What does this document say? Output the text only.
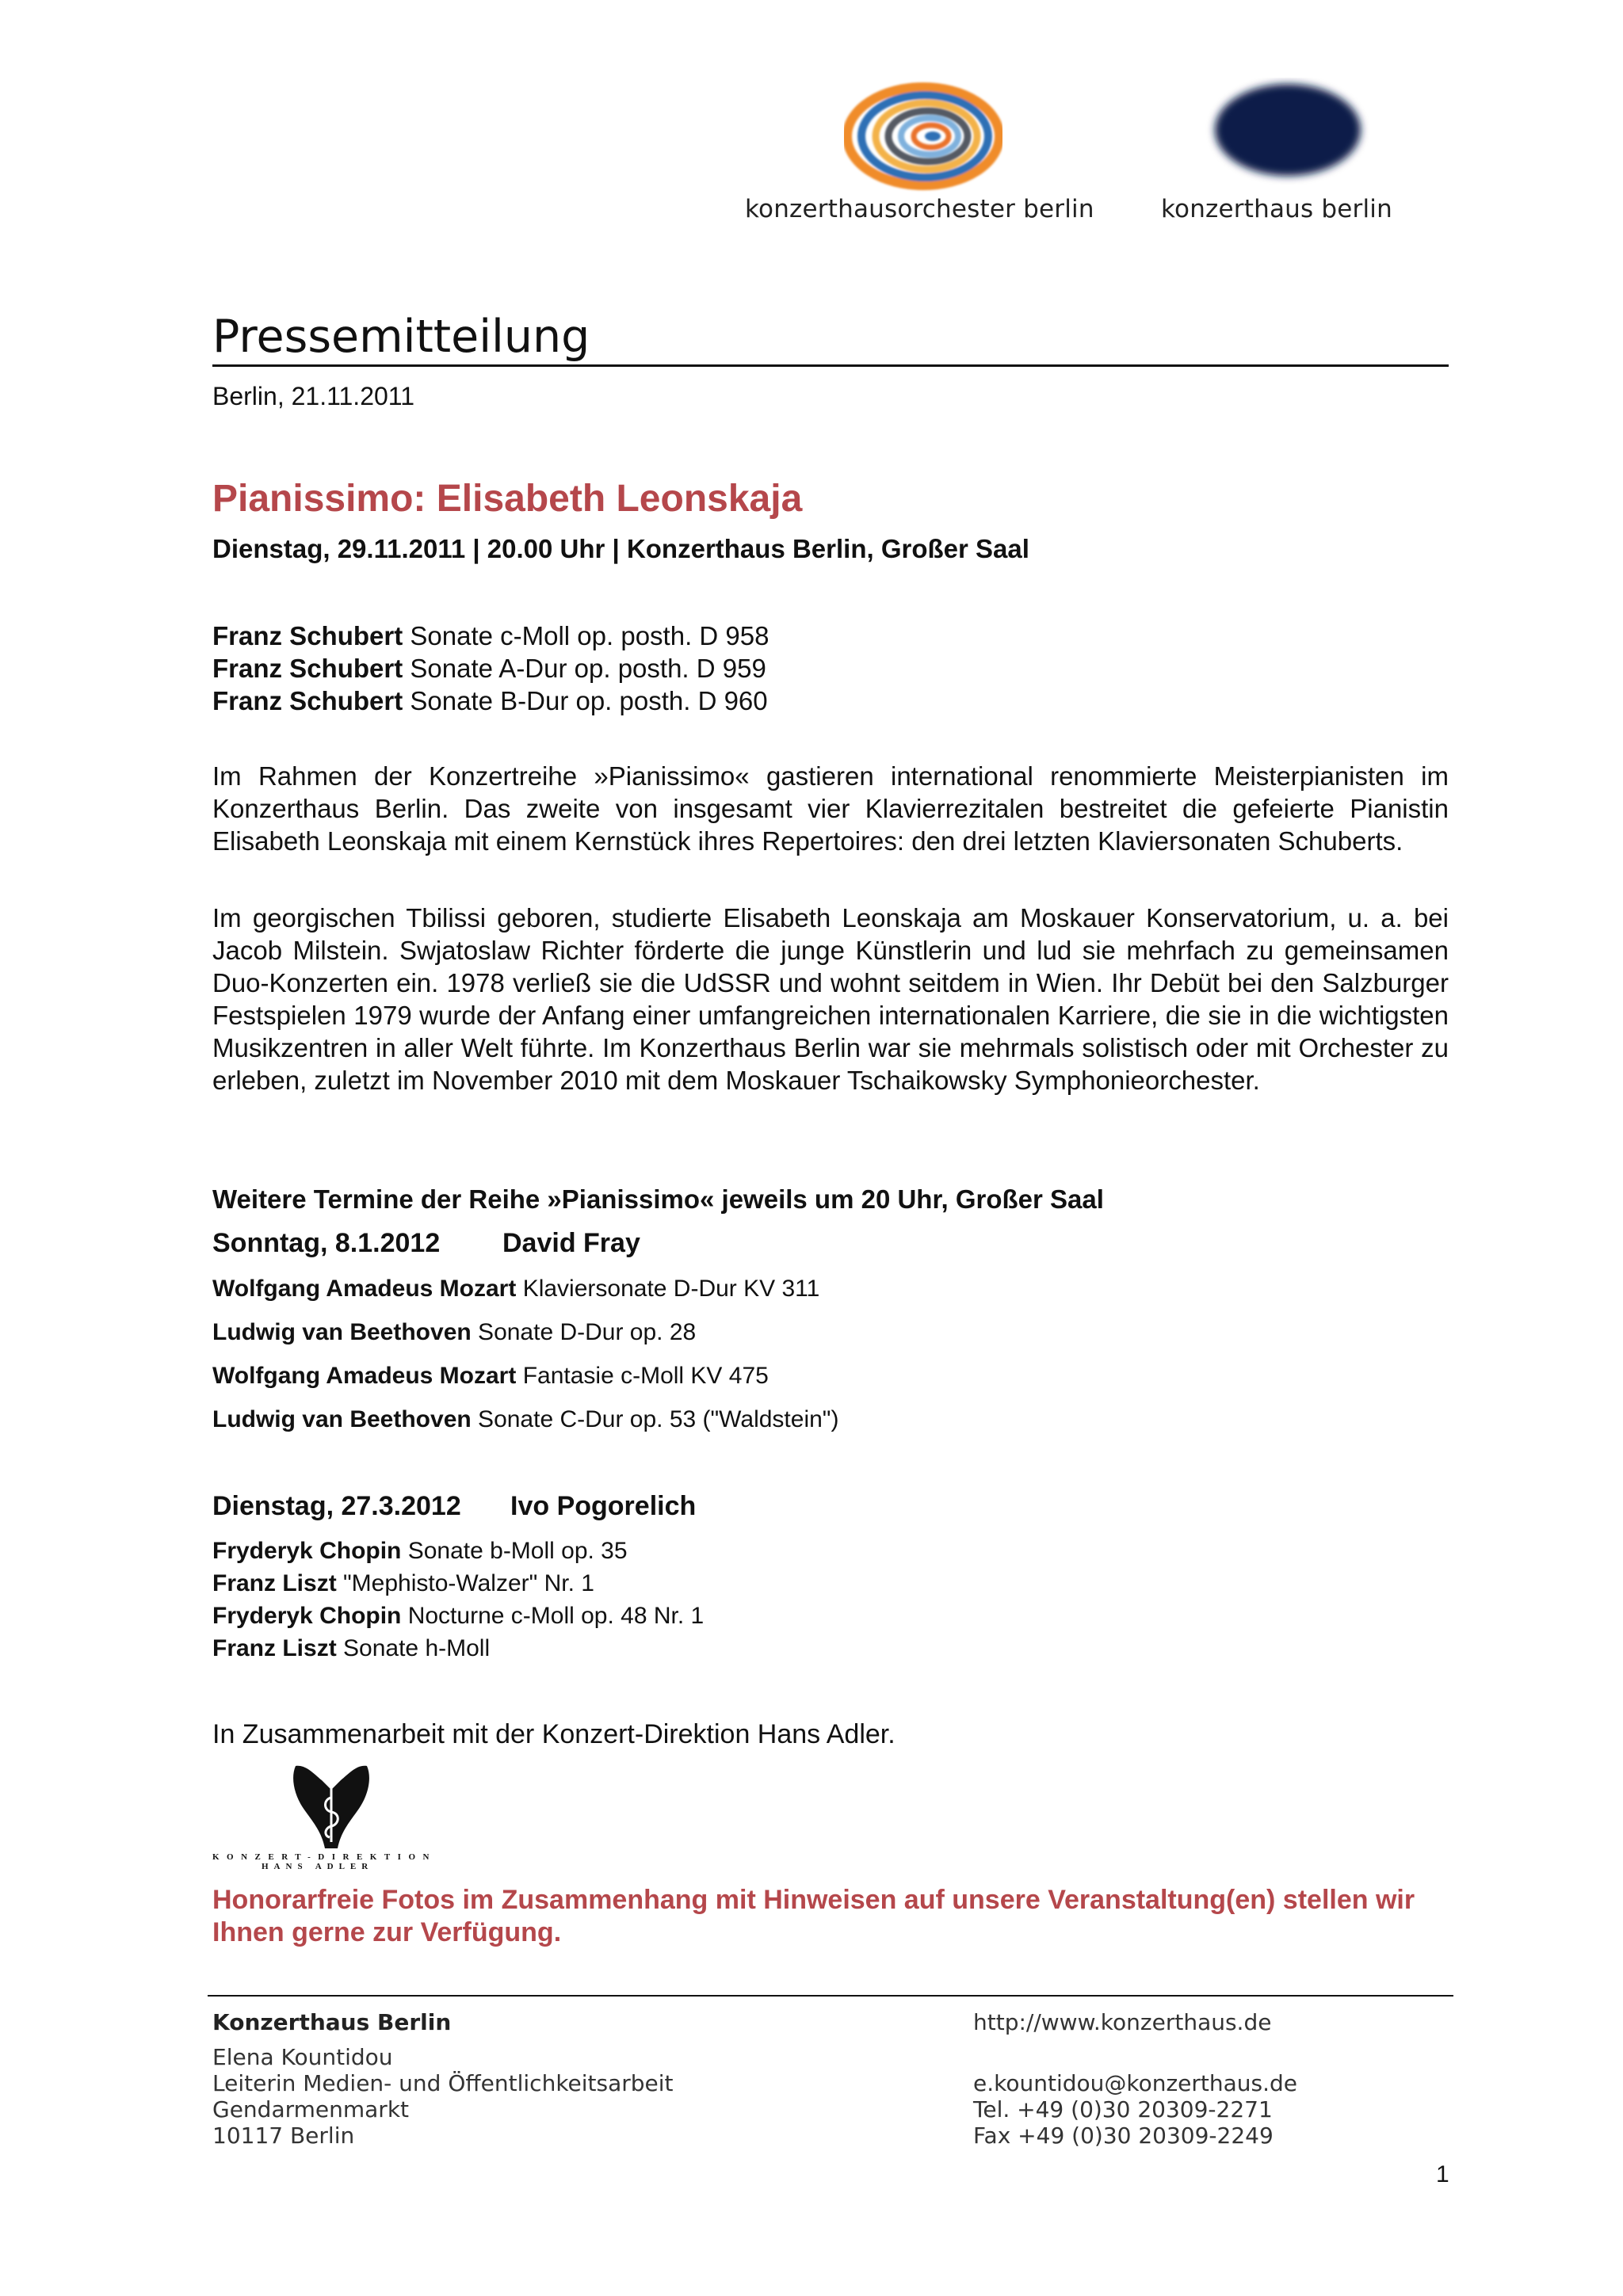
konzerthausorchester berlin	konzerthaus berlin
Pressemitteilung
Berlin, 21.11.2011
Pianissimo: Elisabeth Leonskaja
Dienstag, 29.11.2011 | 20.00 Uhr | Konzerthaus Berlin, Großer Saal
Franz Schubert Sonate c-Moll op. posth. D 958
Franz Schubert Sonate A-Dur op. posth. D 959
Franz Schubert Sonate B-Dur op. posth. D 960
Im Rahmen der Konzertreihe »Pianissimo« gastieren international renommierte Meisterpianisten im Konzerthaus Berlin. Das zweite von insgesamt vier Klavierrezitalen bestreitet die gefeierte Pianistin Elisabeth Leonskaja mit einem Kernstück ihres Repertoires: den drei letzten Klaviersonaten Schuberts.
Im georgischen Tbilissi geboren, studierte Elisabeth Leonskaja am Moskauer Konservatorium, u. a. bei Jacob Milstein. Swjatoslaw Richter förderte die junge Künstlerin und lud sie mehrfach zu gemeinsamen Duo-Konzerten ein. 1978 verließ sie die UdSSR und wohnt seitdem in Wien. Ihr Debüt bei den Salzburger Festspielen 1979 wurde der Anfang einer umfangreichen internationalen Karriere, die sie in die wichtigsten Musikzentren in aller Welt führte. Im Konzerthaus Berlin war sie mehrmals solistisch oder mit Orchester zu erleben, zuletzt im November 2010 mit dem Moskauer Tschaikowsky Symphonieorchester.
Weitere Termine der Reihe »Pianissimo« jeweils um 20 Uhr, Großer Saal
Sonntag, 8.1.2012 David Fray
Wolfgang Amadeus Mozart Klaviersonate D-Dur KV 311
Ludwig van Beethoven Sonate D-Dur op. 28
Wolfgang Amadeus Mozart Fantasie c-Moll KV 475
Ludwig van Beethoven Sonate C-Dur op. 53 ("Waldstein")
Dienstag, 27.3.2012 Ivo Pogorelich
Fryderyk Chopin Sonate b-Moll op. 35
Franz Liszt "Mephisto-Walzer" Nr. 1
Fryderyk Chopin Nocturne c-Moll op. 48 Nr. 1
Franz Liszt Sonate h-Moll
In Zusammenarbeit mit der Konzert-Direktion Hans Adler.
KONZERT-DIREKTION
HANS ADLER
Honorarfreie Fotos im Zusammenhang mit Hinweisen auf unsere Veranstaltung(en) stellen wir Ihnen gerne zur Verfügung.
Konzerthaus Berlin	http://www.konzerthaus.de
Elena Kountidou
Leiterin Medien- und Öffentlichkeitsarbeit
Gendarmenmarkt
10117 Berlin
e.kountidou@konzerthaus.de
Tel. +49 (0)30 20309-2271
Fax +49 (0)30 20309-2249
1
